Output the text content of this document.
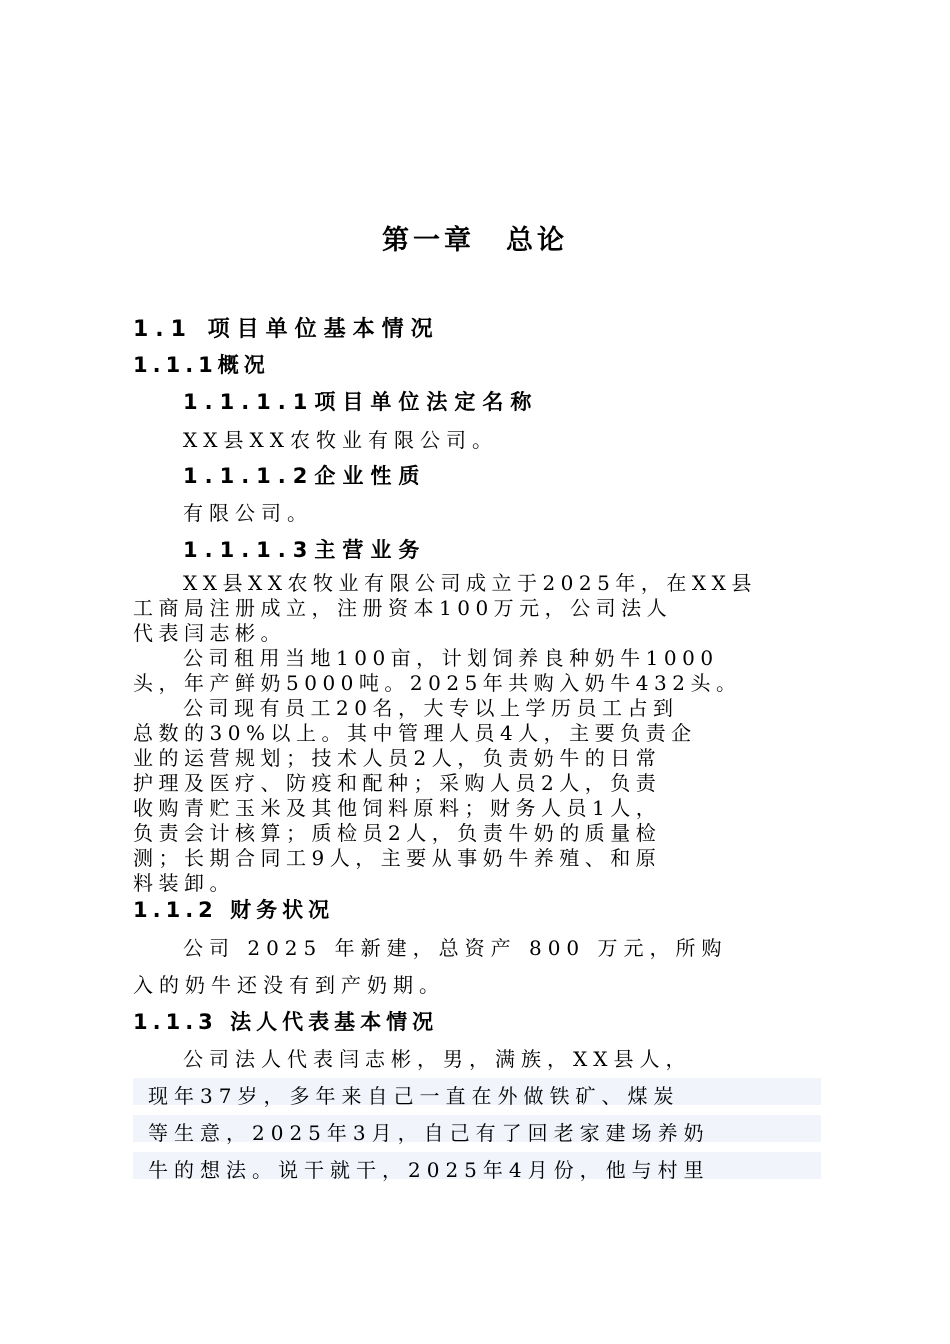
第一章　总论
1.1 项目单位基本情况
1.1.1概况
1.1.1.1项目单位法定名称
XX县XX农牧业有限公司。
1.1.1.2企业性质
有限公司。
1.1.1.3主营业务
XX县XX农牧业有限公司成立于2025年，在XX县
工商局注册成立，注册资本100万元，公司法人
代表闫志彬。
公司租用当地100亩，计划饲养良种奶牛1000
头，年产鲜奶5000吨。2025年共购入奶牛432头。
公司现有员工20名，大专以上学历员工占到
总数的30%以上。其中管理人员4人，主要负责企
业的运营规划；技术人员2人，负责奶牛的日常
护理及医疗、防疫和配种；采购人员2人，负责
收购青贮玉米及其他饲料原料；财务人员1人，
负责会计核算；质检员2人，负责牛奶的质量检
测；长期合同工9人，主要从事奶牛养殖、和原
料装卸。
1.1.2 财务状况
公司 2025 年新建，总资产 800 万元，所购
入的奶牛还没有到产奶期。
1.1.3 法人代表基本情况
公司法人代表闫志彬，男，满族，XX县人，
现年37岁，多年来自己一直在外做铁矿、煤炭
等生意，2025年3月，自己有了回老家建场养奶
牛的想法。说干就干，2025年4月份，他与村里
